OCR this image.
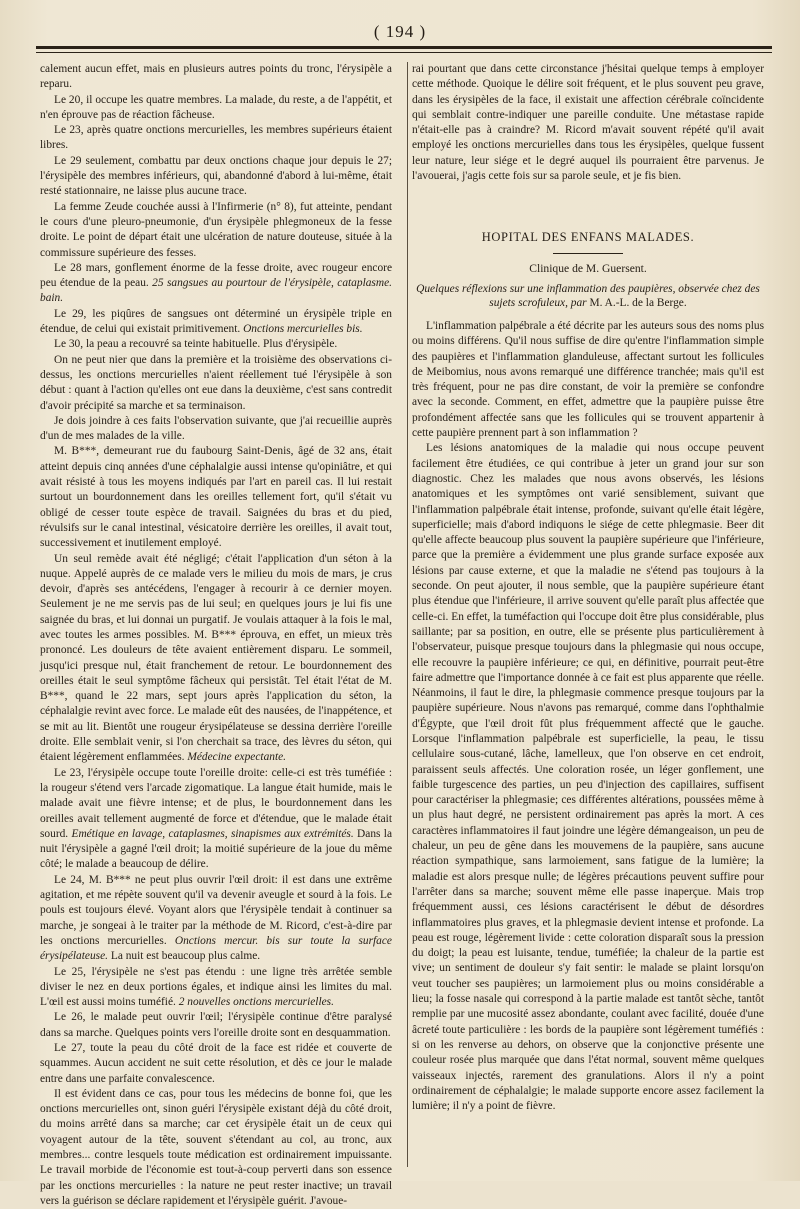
( 194 )

calement aucun effet, mais en plusieurs autres points du tronc, l'érysipèle a reparu.

Le 20, il occupe les quatre membres. La malade, du reste, a de l'appétit, et n'en éprouve pas de réaction fâcheuse.

Le 23, après quatre onctions mercurielles, les membres supérieurs étaient libres.

Le 29 seulement, combattu par deux onctions chaque jour depuis le 27; l'érysipèle des membres inférieurs, qui, abandonné d'abord à lui-même, était resté stationnaire, ne laisse plus aucune trace.

La femme Zeude couchée aussi à l'Infirmerie (n° 8), fut atteinte, pendant le cours d'une pleuro-pneumonie, d'un érysipèle phlegmoneux de la fesse droite. Le point de départ était une ulcération de nature douteuse, située à la commissure supérieure des fesses.

Le 28 mars, gonflement énorme de la fesse droite, avec rougeur encore peu étendue de la peau. 25 sangsues au pourtour de l'érysipèle, cataplasme. bain.

Le 29, les piqûres de sangsues ont déterminé un érysipèle triple en étendue, de celui qui existait primitivement. Onctions mercurielles bis.

Le 30, la peau a recouvré sa teinte habituelle. Plus d'érysipèle.

On ne peut nier que dans la première et la troisième des observations ci-dessus, les onctions mercurielles n'aient réellement tué l'érysipèle à son début : quant à l'action qu'elles ont eue dans la deuxième, c'est sans contredit d'avoir précipité sa marche et sa terminaison.

Je dois joindre à ces faits l'observation suivante, que j'ai recueillie auprès d'un de mes malades de la ville.

M. B***, demeurant rue du faubourg Saint-Denis, âgé de 32 ans, était atteint depuis cinq années d'une céphalalgie aussi intense qu'opiniâtre, et qui avait résisté à tous les moyens indiqués par l'art en pareil cas. Il lui restait surtout un bourdonnement dans les oreilles tellement fort, qu'il s'était vu obligé de cesser toute espèce de travail. Saignées du bras et du pied, révulsifs sur le canal intestinal, vésicatoire derrière les oreilles, il avait tout, successivement et inutilement employé.

Un seul remède avait été négligé; c'était l'application d'un séton à la nuque. Appelé auprès de ce malade vers le milieu du mois de mars, je crus devoir, d'après ses antécédens, l'engager à recourir à ce dernier moyen. Seulement je ne me servis pas de lui seul; en quelques jours je lui fis une saignée du bras, et lui donnai un purgatif. Je voulais attaquer à la fois le mal, avec toutes les armes possibles. M. B*** éprouva, en effet, un mieux très prononcé. Les douleurs de tête avaient entièrement disparu. Le sommeil, jusqu'ici presque nul, était franchement de retour. Le bourdonnement des oreilles était le seul symptôme fâcheux qui persistât. Tel était l'état de M. B***, quand le 22 mars, sept jours après l'application du séton, la céphalalgie revint avec force. Le malade eût des nausées, de l'inappétence, et se mit au lit. Bientôt une rougeur érysipélateuse se dessina derrière l'oreille droite. Elle semblait venir, si l'on cherchait sa trace, des lèvres du séton, qui étaient légèrement enflammées. Médecine expectante.

Le 23, l'érysipèle occupe toute l'oreille droite: celle-ci est très tuméfiée : la rougeur s'étend vers l'arcade zigomatique. La langue était humide, mais le malade avait une fièvre intense; et de plus, le bourdonnement dans les oreilles avait tellement augmenté de force et d'étendue, que le malade était sourd. Emétique en lavage, cataplasmes, sinapismes aux extrémités. Dans la nuit l'érysipèle a gagné l'œil droit; la moitié supérieure de la joue du même côté; le malade a beaucoup de délire.

Le 24, M. B*** ne peut plus ouvrir l'œil droit: il est dans une extrême agitation, et me répète souvent qu'il va devenir aveugle et sourd à la fois. Le pouls est toujours élevé. Voyant alors que l'érysipèle tendait à continuer sa marche, je songeai à le traiter par la méthode de M. Ricord, c'est-à-dire par les onctions mercurielles. Onctions mercur. bis sur toute la surface érysipélateuse. La nuit est beaucoup plus calme.

Le 25, l'érysipèle ne s'est pas étendu : une ligne très arrêtée semble diviser le nez en deux portions égales, et indique ainsi les limites du mal. L'œil est aussi moins tuméfié. 2 nouvelles onctions mercurielles.

Le 26, le malade peut ouvrir l'œil; l'érysipèle continue d'être paralysé dans sa marche. Quelques points vers l'oreille droite sont en desquammation.

Le 27, toute la peau du côté droit de la face est ridée et couverte de squammes. Aucun accident ne suit cette résolution, et dès ce jour le malade entre dans une parfaite convalescence.

Il est évident dans ce cas, pour tous les médecins de bonne foi, que les onctions mercurielles ont, sinon guéri l'érysipèle existant déjà du côté droit, du moins arrêté dans sa marche; car cet érysipèle était un de ceux qui voyagent autour de la tête, souvent s'étendant au col, au tronc, aux membres... contre lesquels toute médication est ordinairement impuissante. Le travail morbide de l'économie est tout-à-coup perverti dans son essence par les onctions mercurielles : la nature ne peut rester inactive; un travail vers la guérison se déclare rapidement et l'érysipèle guérit. J'avoue-

rai pourtant que dans cette circonstance j'hésitai quelque temps à employer cette méthode. Quoique le délire soit fréquent, et le plus souvent peu grave, dans les érysipèles de la face, il existait une affection cérébrale coïncidente qui semblait contre-indiquer une pareille conduite. Une métastase rapide n'était-elle pas à craindre? M. Ricord m'avait souvent répété qu'il avait employé les onctions mercurielles dans tous les érysipèles, quelque fussent leur nature, leur siége et le degré auquel ils pourraient être parvenus. Je l'avouerai, j'agis cette fois sur sa parole seule, et je fis bien.

HOPITAL DES ENFANS MALADES.
Clinique de M. Guersent.
Quelques réflexions sur une inflammation des paupières, observée chez des sujets scrofuleux, par M. A.-L. de la Berge.

L'inflammation palpébrale a été décrite par les auteurs sous des noms plus ou moins différens. Qu'il nous suffise de dire qu'entre l'inflammation simple des paupières et l'inflammation glanduleuse, affectant surtout les follicules de Meibomius, nous avons remarqué une différence tranchée; mais qu'il est très fréquent, pour ne pas dire constant, de voir la première se confondre avec la seconde. Comment, en effet, admettre que la paupière puisse être profondément affectée sans que les follicules qui se trouvent appartenir à cette paupière prennent part à son inflammation ?

Les lésions anatomiques de la maladie qui nous occupe peuvent facilement être étudiées, ce qui contribue à jeter un grand jour sur son diagnostic. Chez les malades que nous avons observés, les lésions anatomiques et les symptômes ont varié sensiblement, suivant que l'inflammation palpébrale était intense, profonde, suivant qu'elle était légère, superficielle; mais d'abord indiquons le siége de cette phlegmasie. Beer dit qu'elle affecte beaucoup plus souvent la paupière supérieure que l'inférieure, parce que la première a évidemment une plus grande surface exposée aux lésions par cause externe, et que la maladie ne s'étend pas toujours à la seconde. On peut ajouter, il nous semble, que la paupière supérieure étant plus étendue que l'inférieure, il arrive souvent qu'elle paraît plus affectée que celle-ci. En effet, la tuméfaction qui l'occupe doit être plus considérable, plus saillante; par sa position, en outre, elle se présente plus particulièrement à l'observateur, puisque presque toujours dans la phlegmasie qui nous occupe, elle recouvre la paupière inférieure; ce qui, en définitive, pourrait peut-être faire admettre que l'importance donnée à ce fait est plus apparente que réelle. Néanmoins, il faut le dire, la phlegmasie commence presque toujours par la paupière supérieure. Nous n'avons pas remarqué, comme dans l'ophthalmie d'Égypte, que l'œil droit fût plus fréquemment affecté que le gauche. Lorsque l'inflammation palpébrale est superficielle, la peau, le tissu cellulaire sous-cutané, lâche, lamelleux, que l'on observe en cet endroit, paraissent seuls affectés. Une coloration rosée, un léger gonflement, une faible turgescence des parties, un peu d'injection des capillaires, suffisent pour caractériser la phlegmasie; ces différentes altérations, poussées même à un plus haut degré, ne persistent ordinairement pas après la mort. A ces caractères inflammatoires il faut joindre une légère démangeaison, un peu de chaleur, un peu de gêne dans les mouvemens de la paupière, sans aucune réaction sympathique, sans larmoiement, sans fatigue de la lumière; la maladie est alors presque nulle; de légères précautions peuvent suffire pour l'arrêter dans sa marche; souvent même elle passe inaperçue. Mais trop fréquemment aussi, ces lésions caractérisent le début de désordres inflammatoires plus graves, et la phlegmasie devient intense et profonde. La peau est rouge, légèrement livide : cette coloration disparaît sous la pression du doigt; la peau est luisante, tendue, tuméfiée; la chaleur de la partie est vive; un sentiment de douleur s'y fait sentir: le malade se plaint lorsqu'on veut toucher ses paupières; un larmoiement plus ou moins considérable a lieu; la fosse nasale qui correspond à la partie malade est tantôt sèche, tantôt remplie par une mucosité assez abondante, coulant avec facilité, douée d'une âcreté toute particulière : les bords de la paupière sont légèrement tuméfiés : si on les renverse au dehors, on observe que la conjonctive présente une couleur rosée plus marquée que dans l'état normal, souvent même quelques vaisseaux injectés, rarement des granulations. Alors il n'y a point ordinairement de céphalalgie; le malade supporte encore assez facilement la lumière; il n'y a point de fièvre.
